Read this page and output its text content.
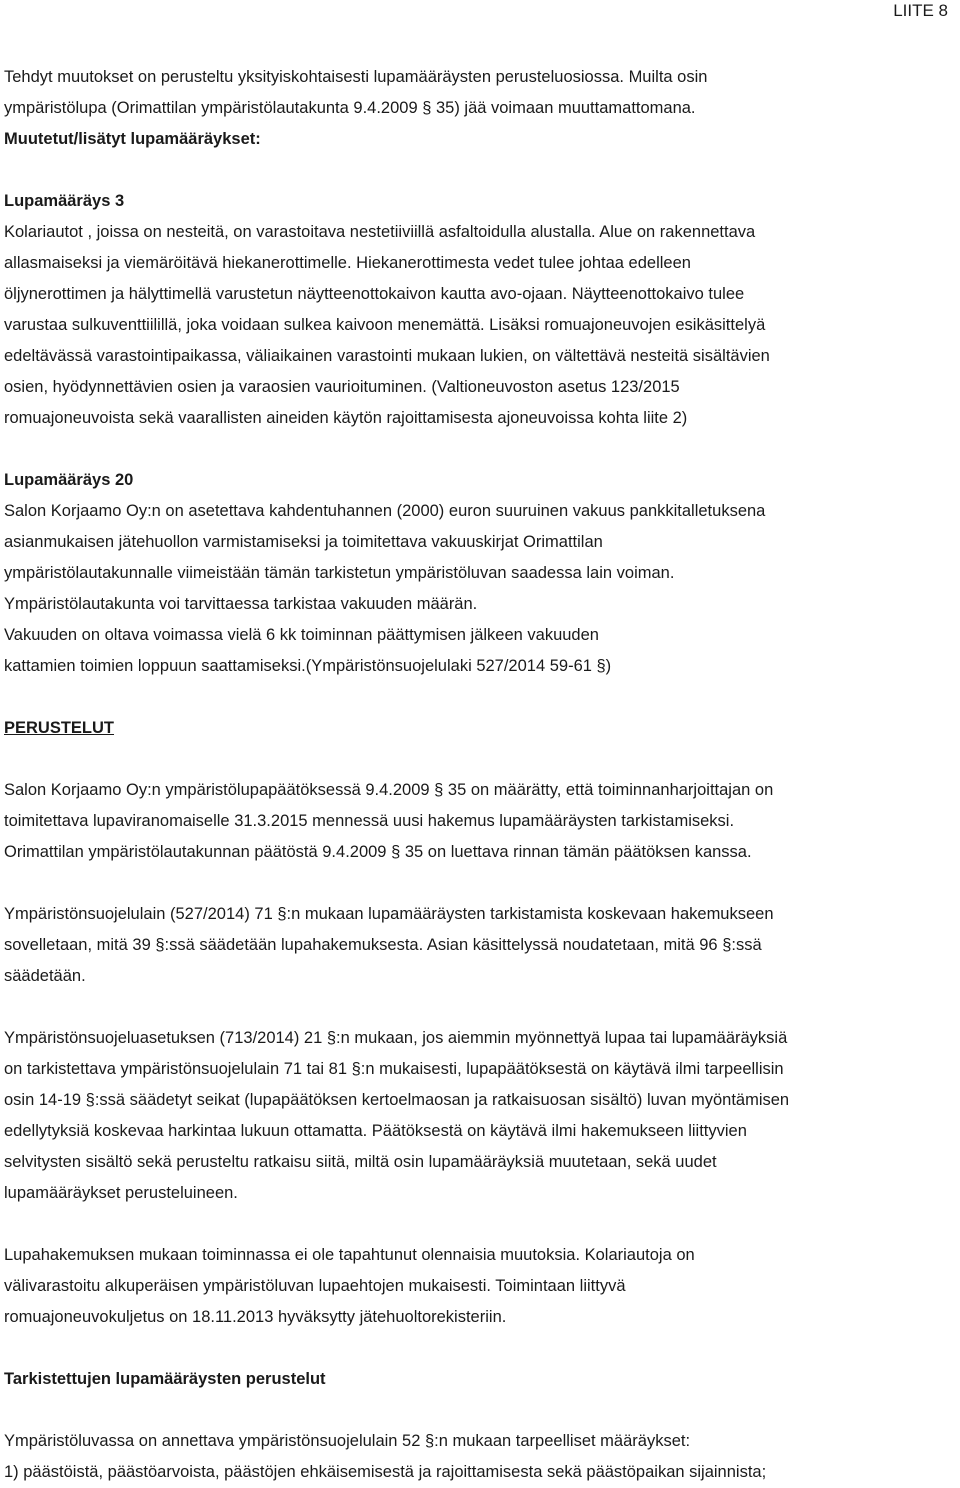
LIITE 8

Tehdyt muutokset on perusteltu yksityiskohtaisesti lupamääräysten perusteluosiossa. Muilta osin

ympäristölupa (Orimattilan ympäristölautakunta 9.4.2009 § 35) jää voimaan muuttamattomana.

Muutetut/lisätyt lupamääräykset:

Lupamääräys 3

Kolariautot , joissa on nesteitä, on varastoitava nestetiiviillä asfaltoidulla alustalla. Alue on rakennettava

allasmaiseksi ja viemäröitävä hiekanerottimelle. Hiekanerottimesta vedet tulee johtaa edelleen

öljynerottimen ja hälyttimellä varustetun näytteenottokaivon kautta avo-ojaan. Näytteenottokaivo tulee

varustaa sulkuventtiilillä, joka voidaan sulkea kaivoon menemättä. Lisäksi romuajoneuvojen esikäsittelyä

edeltävässä varastointipaikassa, väliaikainen varastointi mukaan lukien, on vältettävä nesteitä sisältävien

osien, hyödynnettävien osien ja varaosien vaurioituminen. (Valtioneuvoston asetus 123/2015

romuajoneuvoista sekä vaarallisten aineiden käytön rajoittamisesta ajoneuvoissa kohta liite 2)

Lupamääräys 20

Salon Korjaamo Oy:n on asetettava kahdentuhannen (2000) euron suuruinen vakuus pankkitalletuksena

asianmukaisen jätehuollon varmistamiseksi ja toimitettava vakuuskirjat Orimattilan

ympäristölautakunnalle viimeistään tämän tarkistetun ympäristöluvan saadessa lain voiman.

Ympäristölautakunta voi tarvittaessa tarkistaa vakuuden määrän.

Vakuuden on oltava voimassa vielä 6 kk toiminnan päättymisen jälkeen vakuuden

kattamien toimien loppuun saattamiseksi.(Ympäristönsuojelulaki 527/2014 59-61 §)

PERUSTELUT

Salon Korjaamo Oy:n ympäristölupapäätöksessä 9.4.2009 § 35 on määrätty, että toiminnanharjoittajan on

toimitettava lupaviranomaiselle 31.3.2015 mennessä uusi hakemus lupamääräysten tarkistamiseksi.

Orimattilan ympäristölautakunnan päätöstä 9.4.2009 § 35 on luettava rinnan tämän päätöksen kanssa.

Ympäristönsuojelulain (527/2014) 71 §:n mukaan lupamääräysten tarkistamista koskevaan hakemukseen

sovelletaan, mitä 39 §:ssä säädetään lupahakemuksesta. Asian käsittelyssä noudatetaan, mitä 96 §:ssä

säädetään.

Ympäristönsuojeluasetuksen (713/2014) 21 §:n mukaan, jos aiemmin myönnettyä lupaa tai lupamääräyksiä

on tarkistettava ympäristönsuojelulain 71 tai 81 §:n mukaisesti, lupapäätöksestä on käytävä ilmi tarpeellisin

osin 14-19 §:ssä säädetyt seikat (lupapäätöksen kertoelmaosan ja ratkaisuosan sisältö) luvan myöntämisen

edellytyksiä koskevaa harkintaa lukuun ottamatta. Päätöksestä on käytävä ilmi hakemukseen liittyvien

selvitysten sisältö sekä perusteltu ratkaisu siitä, miltä osin lupamääräyksiä muutetaan, sekä uudet

lupamääräykset perusteluineen.

Lupahakemuksen mukaan toiminnassa ei ole tapahtunut olennaisia muutoksia. Kolariautoja on

välivarastoitu alkuperäisen ympäristöluvan lupaehtojen mukaisesti. Toimintaan liittyvä

romuajoneuvokuljetus on 18.11.2013 hyväksytty jätehuoltorekisteriin.

Tarkistettujen lupamääräysten perustelut

Ympäristöluvassa on annettava ympäristönsuojelulain 52 §:n mukaan tarpeelliset määräykset:

1) päästöistä, päästöarvoista, päästöjen ehkäisemisestä ja rajoittamisesta sekä päästöpaikan sijainnista;
